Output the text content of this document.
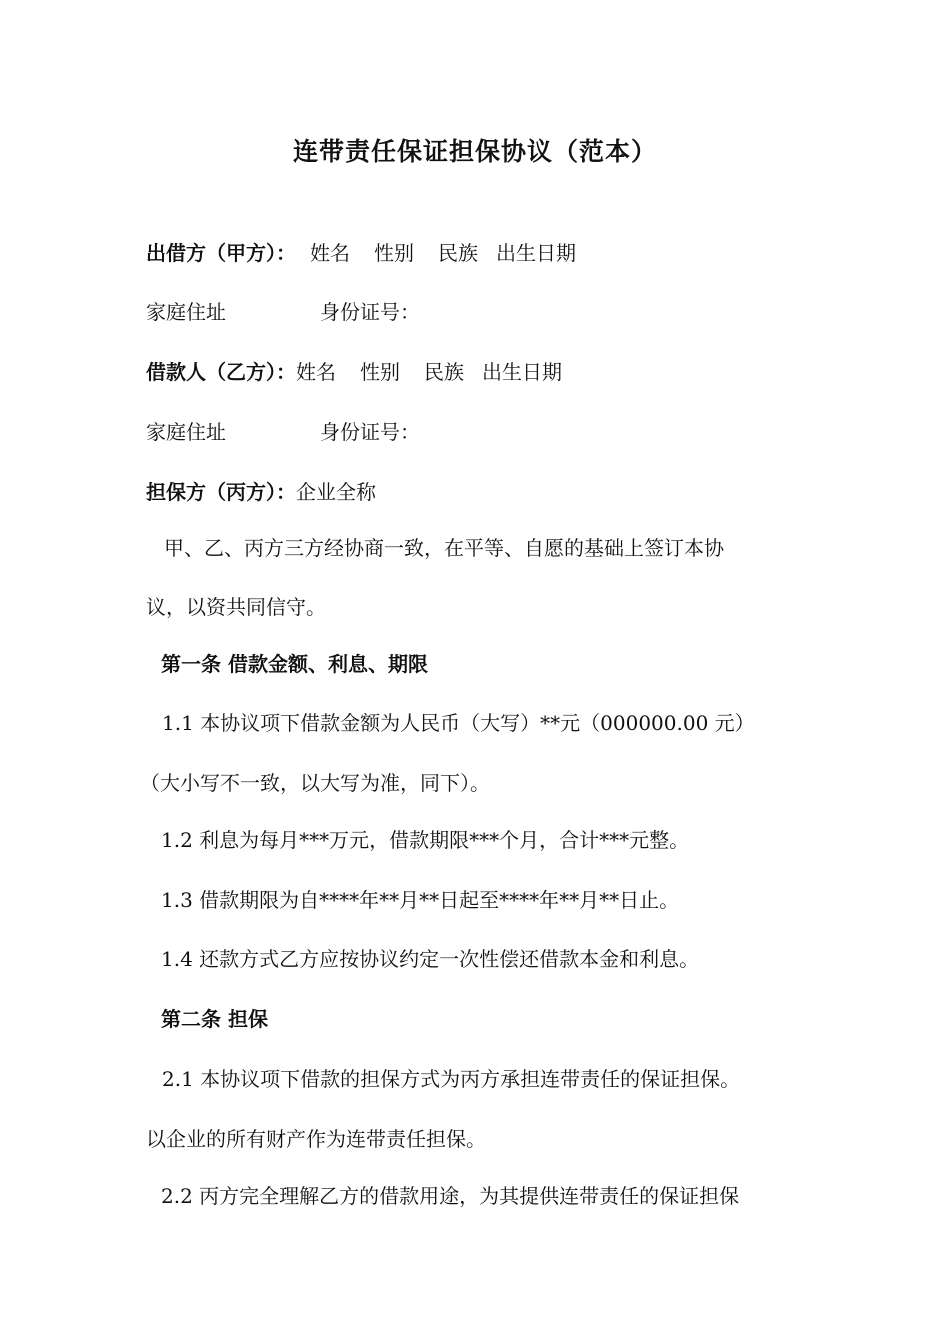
连带责任保证担保协议（范本）
出借方（甲方）： 姓名 性别 民族 出生日期
家庭住址	身份证号：
借款人（乙方）：姓名 性别 民族 出生日期
家庭住址	身份证号：
担保方（丙方）：企业全称
甲、乙、丙方三方经协商一致，在平等、自愿的基础上签订本协
议，以资共同信守。
第一条 借款金额、利息、期限
1.1 本协议项下借款金额为人民币（大写）**元（000000.00 元）
（大小写不一致，以大写为准，同下）。
1.2 利息为每月***万元，借款期限***个月，合计***元整。
1.3 借款期限为自****年**月**日起至****年**月**日止。
1.4 还款方式乙方应按协议约定一次性偿还借款本金和利息。
第二条 担保
2.1 本协议项下借款的担保方式为丙方承担连带责任的保证担保。
以企业的所有财产作为连带责任担保。
2.2 丙方完全理解乙方的借款用途，为其提供连带责任的保证担保
